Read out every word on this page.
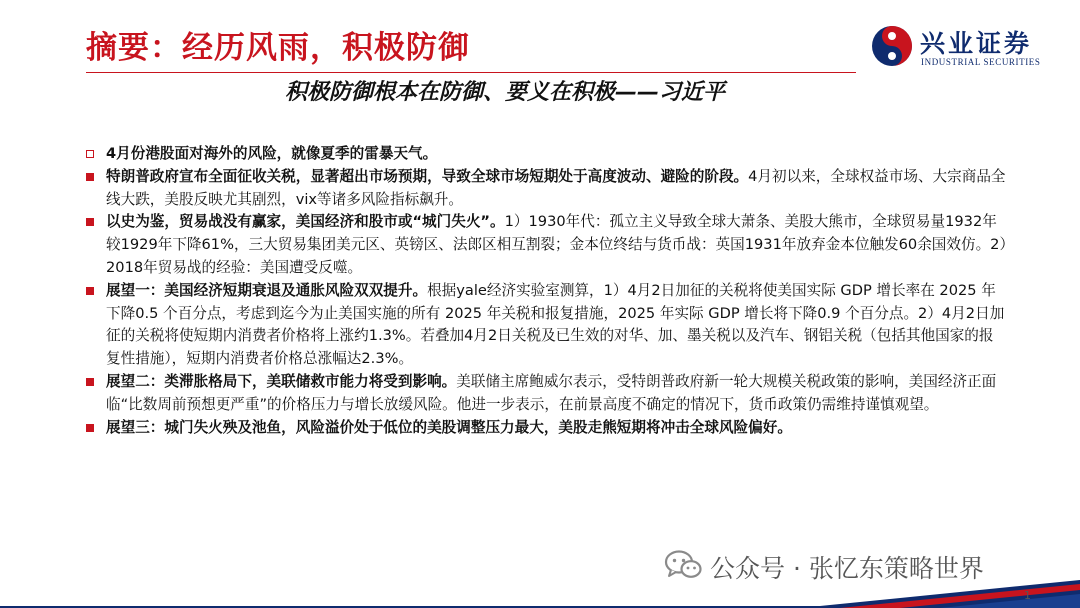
摘要：经历风雨，积极防御	兴业证券
INDUSTRIAL SECURITIES
积极防御根本在防御、要义在积极——习近平
4月份港股面对海外的风险，就像夏季的雷暴天气。
特朗普政府宣布全面征收关税，显著超出市场预期，导致全球市场短期处于高度波动、避险的阶段。4月初以来，全球权益市场、大宗商品全线大跌，美股反映尤其剧烈，vix等诸多风险指标飙升。
以史为鉴，贸易战没有赢家，美国经济和股市或“城门失火”。1）1930年代：孤立主义导致全球大萧条、美股大熊市，全球贸易量1932年较1929年下降61%，三大贸易集团美元区、英镑区、法郎区相互割裂；金本位终结与货币战：英国1931年放弃金本位触发60余国效仿。2）2018年贸易战的经验：美国遭受反噬。
展望一：美国经济短期衰退及通胀风险双双提升。根据yale经济实验室测算，1）4月2日加征的关税将使美国实际 GDP 增长率在 2025 年下降0.5 个百分点，考虑到迄今为止美国实施的所有 2025 年关税和报复措施，2025 年实际 GDP 增长将下降0.9 个百分点。2）4月2日加征的关税将使短期内消费者价格将上涨约1.3%。若叠加4月2日关税及已生效的对华、加、墨关税以及汽车、钢铝关税（包括其他国家的报复性措施），短期内消费者价格总涨幅达2.3%。
展望二：类滞胀格局下，美联储救市能力将受到影响。美联储主席鲍威尔表示，受特朗普政府新一轮大规模关税政策的影响，美国经济正面临“比数周前预想更严重”的价格压力与增长放缓风险。他进一步表示，在前景高度不确定的情况下，货币政策仍需维持谨慎观望。
展望三：城门失火殃及池鱼，风险溢价处于低位的美股调整压力最大，美股走熊短期将冲击全球风险偏好。
公众号 · 张忆东策略世界
1
